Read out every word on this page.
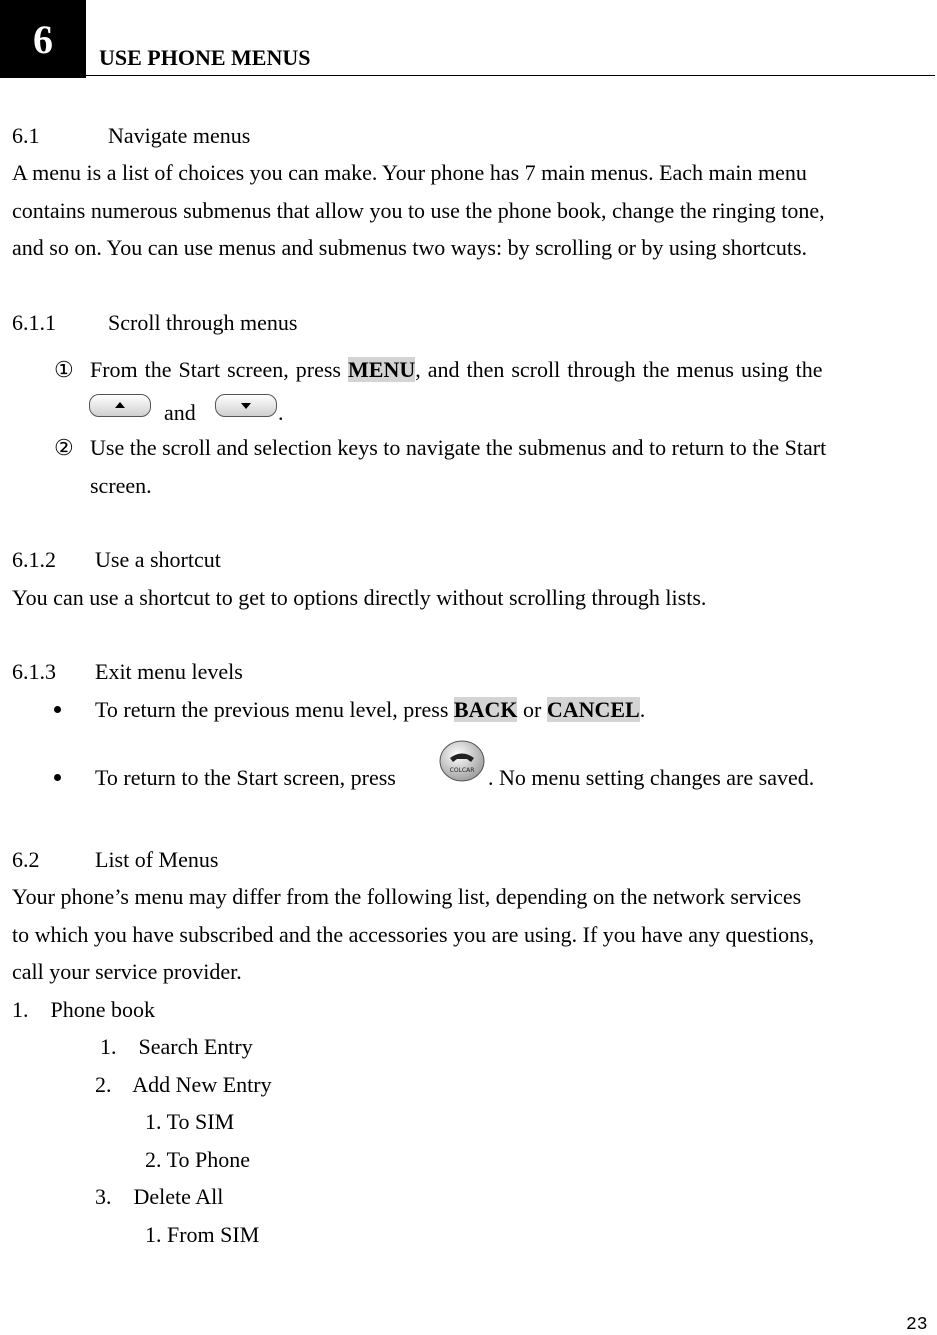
6 USE PHONE MENUS
6.1	Navigate menus
A menu is a list of choices you can make. Your phone has 7 main menus. Each main menu
contains numerous submenus that allow you to use the phone book, change the ringing tone,
and so on. You can use menus and submenus two ways: by scrolling or by using shortcuts.
6.1.1 Scroll through menus
① From the Start screen, press MENU, and then scroll through the menus using the
and	.
② Use the scroll and selection keys to navigate the submenus and to return to the Start
screen.
6.1.2 Use a shortcut
You can use a shortcut to get to options directly without scrolling through lists.
6.1.3 Exit menu levels
To return the previous menu level, press BACK or CANCEL.
To return to the Start screen, press	COLCAR . No menu setting changes are saved.
6.2	List of Menus
Your phone’s menu may differ from the following list, depending on the network services
to which you have subscribed and the accessories you are using. If you have any questions,
call your service provider.
1.    Phone book
1.    Search Entry
2.    Add New Entry
1. To SIM
2. To Phone
3.    Delete All
1. From SIM
23
